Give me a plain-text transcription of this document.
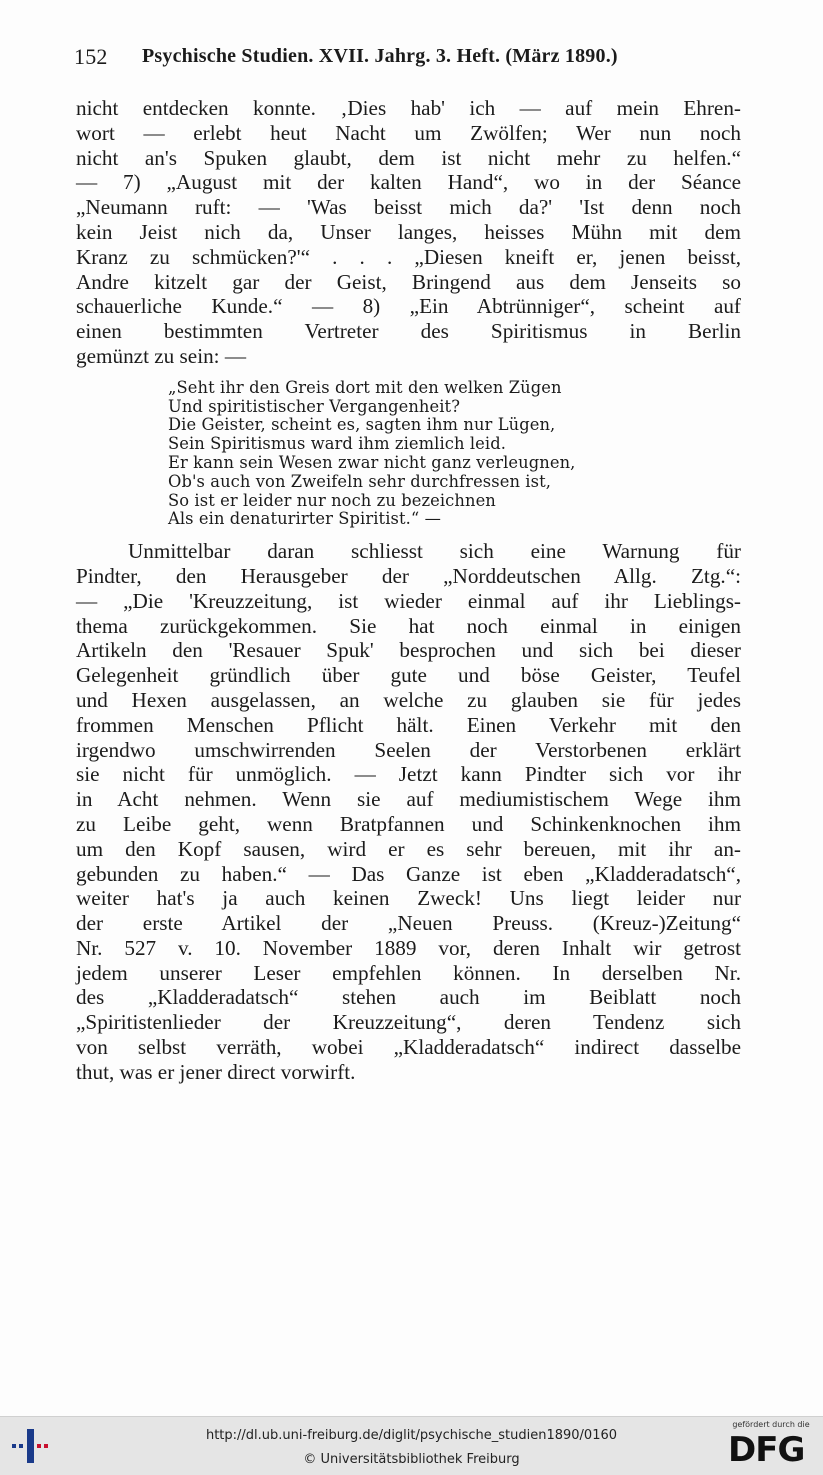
152 Psychische Studien. XVII. Jahrg. 3. Heft. (März 1890.)
nicht entdecken konnte. ‚Dies hab' ich — auf mein Ehren-
wort — erlebt heut Nacht um Zwölfen; Wer nun noch
nicht an's Spuken glaubt, dem ist nicht mehr zu helfen.“
— 7) „August mit der kalten Hand“, wo in der Séance
„Neumann ruft: — 'Was beisst mich da?' 'Ist denn noch
kein Jeist nich da, Unser langes, heisses Mühn mit dem
Kranz zu schmücken?'“ . . . „Diesen kneift er, jenen beisst,
Andre kitzelt gar der Geist, Bringend aus dem Jenseits so
schauerliche Kunde.“ — 8) „Ein Abtrünniger“, scheint auf
einen bestimmten Vertreter des Spiritismus in Berlin
gemünzt zu sein: —
„Seht ihr den Greis dort mit den welken Zügen
Und spiritistischer Vergangenheit?
Die Geister, scheint es, sagten ihm nur Lügen,
Sein Spiritismus ward ihm ziemlich leid.
Er kann sein Wesen zwar nicht ganz verleugnen,
Ob's auch von Zweifeln sehr durchfressen ist,
So ist er leider nur noch zu bezeichnen
Als ein denaturirter Spiritist.“ —
Unmittelbar daran schliesst sich eine Warnung für
Pindter, den Herausgeber der „Norddeutschen Allg. Ztg.“:
— „Die 'Kreuzzeitung, ist wieder einmal auf ihr Lieblings-
thema zurückgekommen. Sie hat noch einmal in einigen
Artikeln den 'Resauer Spuk' besprochen und sich bei dieser
Gelegenheit gründlich über gute und böse Geister, Teufel
und Hexen ausgelassen, an welche zu glauben sie für jedes
frommen Menschen Pflicht hält. Einen Verkehr mit den
irgendwo umschwirrenden Seelen der Verstorbenen erklärt
sie nicht für unmöglich. — Jetzt kann Pindter sich vor ihr
in Acht nehmen. Wenn sie auf mediumistischem Wege ihm
zu Leibe geht, wenn Bratpfannen und Schinkenknochen ihm
um den Kopf sausen, wird er es sehr bereuen, mit ihr an-
gebunden zu haben.“ — Das Ganze ist eben „Kladderadatsch“,
weiter hat's ja auch keinen Zweck! Uns liegt leider nur
der erste Artikel der „Neuen Preuss. (Kreuz-)Zeitung“
Nr. 527 v. 10. November 1889 vor, deren Inhalt wir getrost
jedem unserer Leser empfehlen können. In derselben Nr.
des „Kladderadatsch“ stehen auch im Beiblatt noch
„Spiritistenlieder der Kreuzzeitung“, deren Tendenz sich
von selbst verräth, wobei „Kladderadatsch“ indirect dasselbe
thut, was er jener direct vorwirft.
http://dl.ub.uni-freiburg.de/diglit/psychische_studien1890/0160
© Universitätsbibliothek Freiburg
gefördert durch die
DFG
